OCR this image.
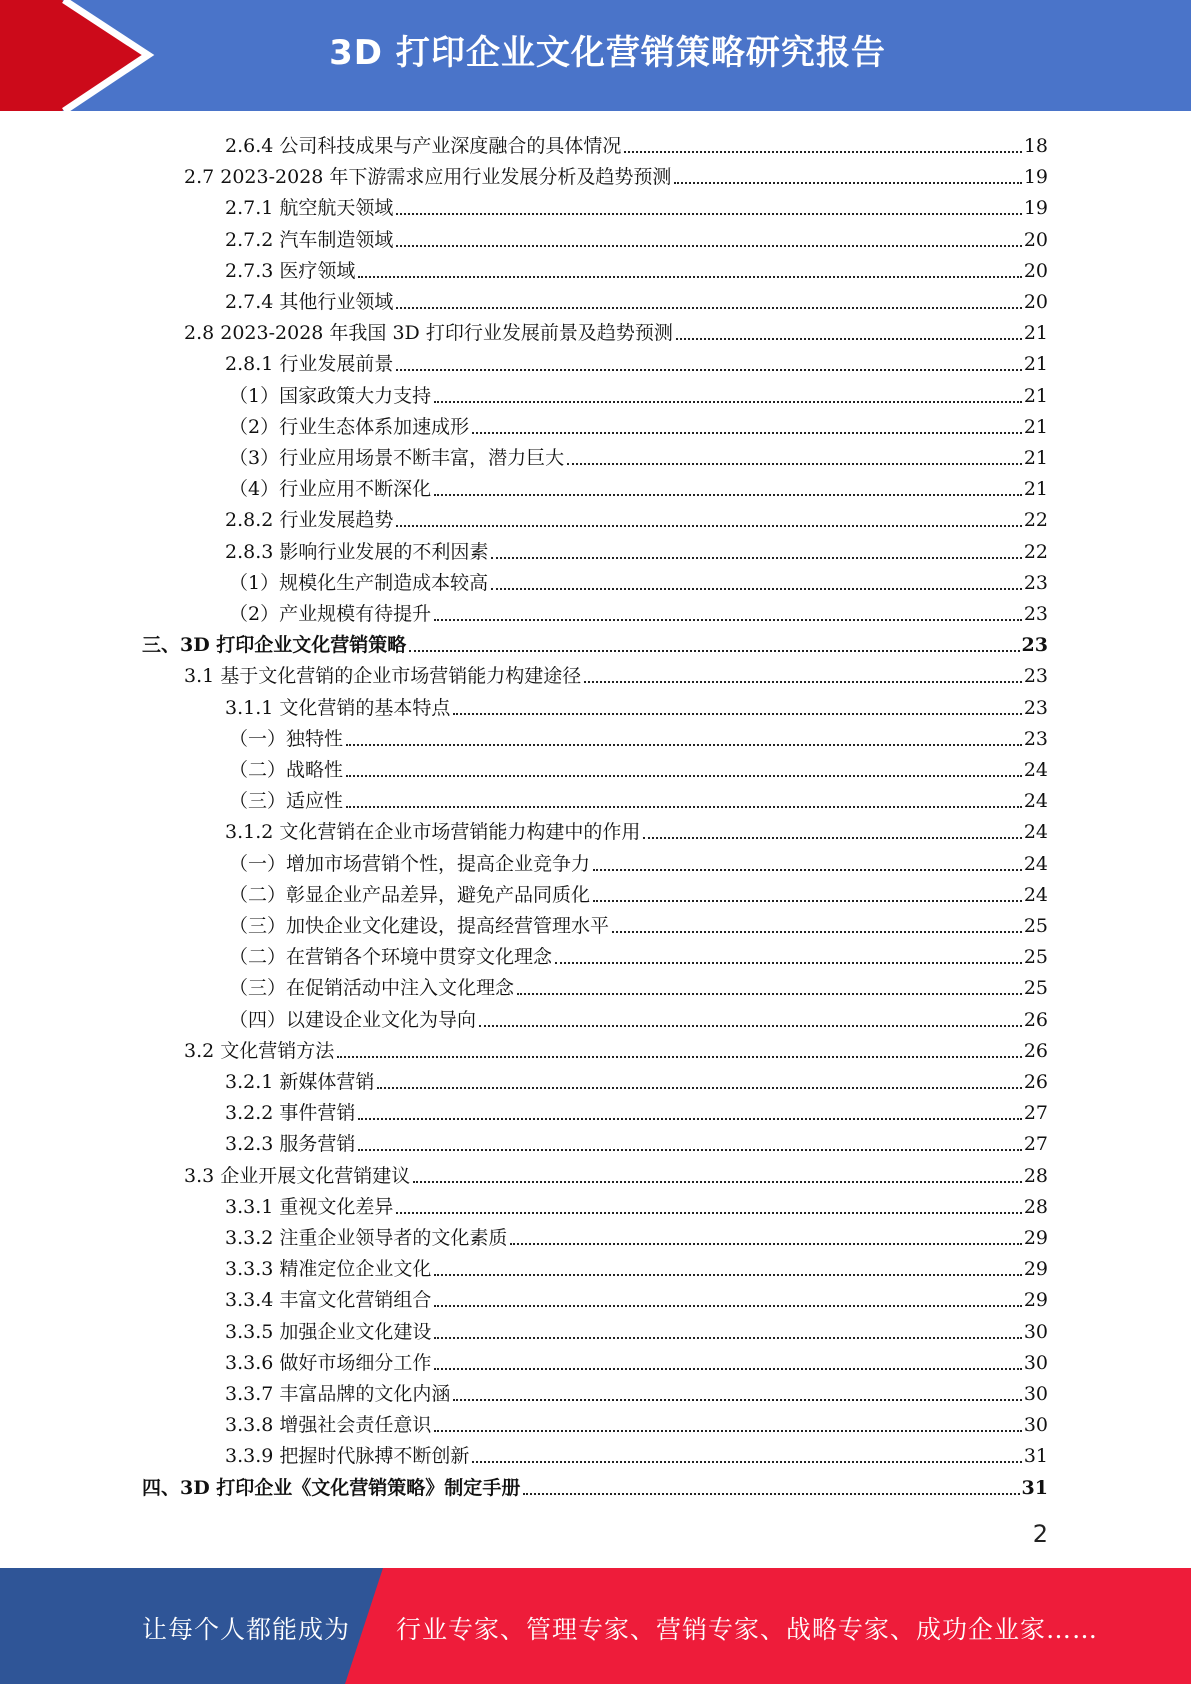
3D 打印企业文化营销策略研究报告
2.6.4 公司科技成果与产业深度融合的具体情况	18
2.7 2023-2028 年下游需求应用行业发展分析及趋势预测	19
2.7.1 航空航天领域	19
2.7.2 汽车制造领域	20
2.7.3 医疗领域	20
2.7.4 其他行业领域	20
2.8 2023-2028 年我国 3D 打印行业发展前景及趋势预测	21
2.8.1 行业发展前景	21
（1）国家政策大力支持	21
（2）行业生态体系加速成形	21
（3）行业应用场景不断丰富，潜力巨大	21
（4）行业应用不断深化	21
2.8.2 行业发展趋势	22
2.8.3 影响行业发展的不利因素	22
（1）规模化生产制造成本较高	23
（2）产业规模有待提升	23
三、3D 打印企业文化营销策略	23
3.1 基于文化营销的企业市场营销能力构建途径	23
3.1.1 文化营销的基本特点	23
（一）独特性	23
（二）战略性	24
（三）适应性	24
3.1.2 文化营销在企业市场营销能力构建中的作用	24
（一）增加市场营销个性，提高企业竞争力	24
（二）彰显企业产品差异，避免产品同质化	24
（三）加快企业文化建设，提高经营管理水平	25
（二）在营销各个环境中贯穿文化理念	25
（三）在促销活动中注入文化理念	25
（四）以建设企业文化为导向	26
3.2 文化营销方法	26
3.2.1 新媒体营销	26
3.2.2 事件营销	27
3.2.3 服务营销	27
3.3 企业开展文化营销建议	28
3.3.1 重视文化差异	28
3.3.2 注重企业领导者的文化素质	29
3.3.3 精准定位企业文化	29
3.3.4 丰富文化营销组合	29
3.3.5 加强企业文化建设	30
3.3.6 做好市场细分工作	30
3.3.7 丰富品牌的文化内涵	30
3.3.8 增强社会责任意识	30
3.3.9 把握时代脉搏不断创新	31
四、3D 打印企业《文化营销策略》制定手册	31
2
让每个人都能成为 行业专家、管理专家、营销专家、战略专家、成功企业家……
